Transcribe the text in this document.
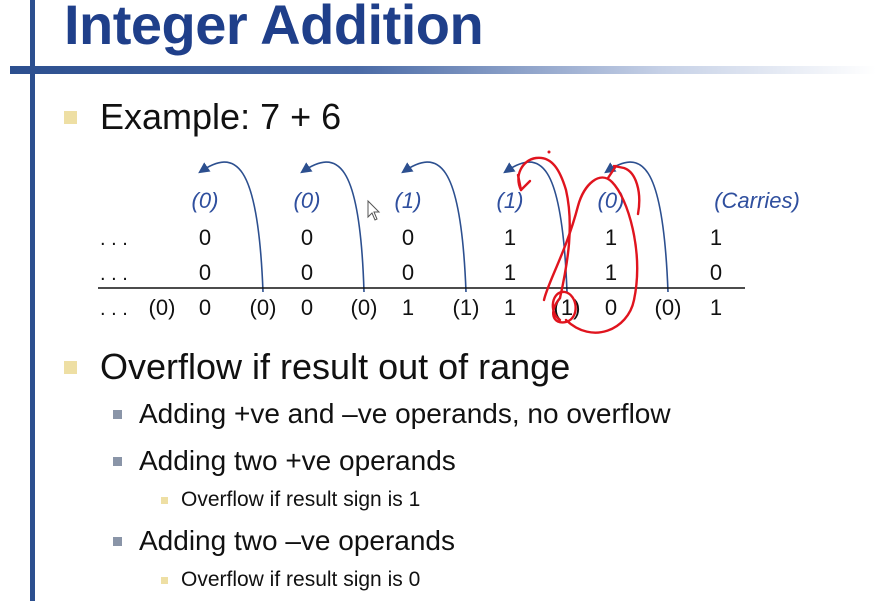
Integer Addition
Example: 7 + 6
(0)	(0)	(1)	(1)	(0)	(Carries)
. . .	0	0	0	1	1	1
. . .	0	0	0	1	1	0
. . . (0) 0 (0) 0 (0) 1 (1) 1 (1) 0 (0) 1
Overflow if result out of range
Adding +ve and –ve operands, no overflow
Adding two +ve operands
Overflow if result sign is 1
Adding two –ve operands
Overflow if result sign is 0
